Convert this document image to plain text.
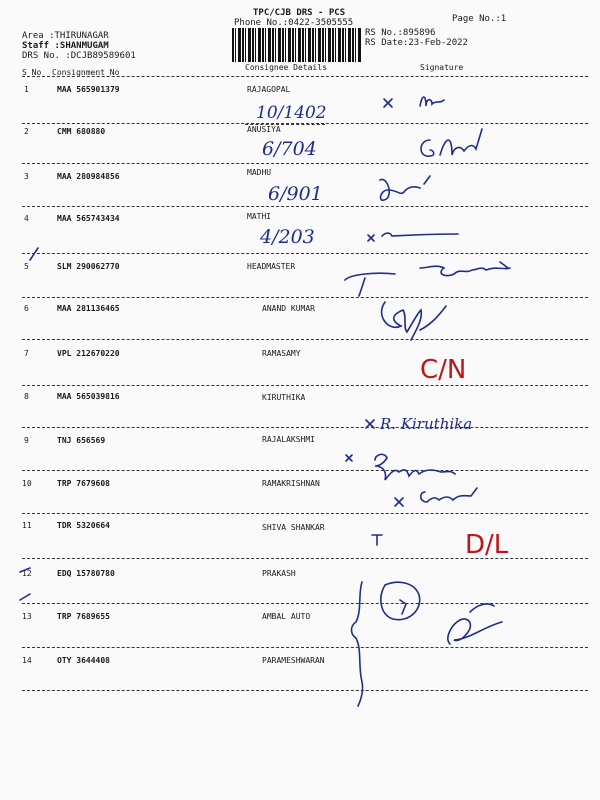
TPC/CJB DRS - PCS
Phone No.:0422-3505555	Page No.:1
Area :THIRUNAGAR
Staff :SHANMUGAM
DRS No. :DCJB89589601
RS No.:895896
RS Date:23-Feb-2022
S No Consignment No
Consignee Details	Signature
1	MAA 565901379	RAJAGOPAL
2	CMM 680880	ANUSIYA
3	MAA 280984856	MADHU
4	MAA 565743434	MATHI
5	SLM 290062770	HEADMASTER
6	MAA 281136465	ANAND KUMAR
7	VPL 212670220	RAMASAMY
8	MAA 565039816	KIRUTHIKA
9	TNJ 656569	RAJALAKSHMI
10	TRP 7679608	RAMAKRISHNAN
11	TDR 5320664	SHIVA SHANKAR
12	EDQ 15780780	PRAKASH
13	TRP 7689655	AMBAL AUTO
14	OTY 3644408	PARAMESHWARAN
10/1402
6/704
6/901
4/203
C/N
R. Kiruthika
D/L
